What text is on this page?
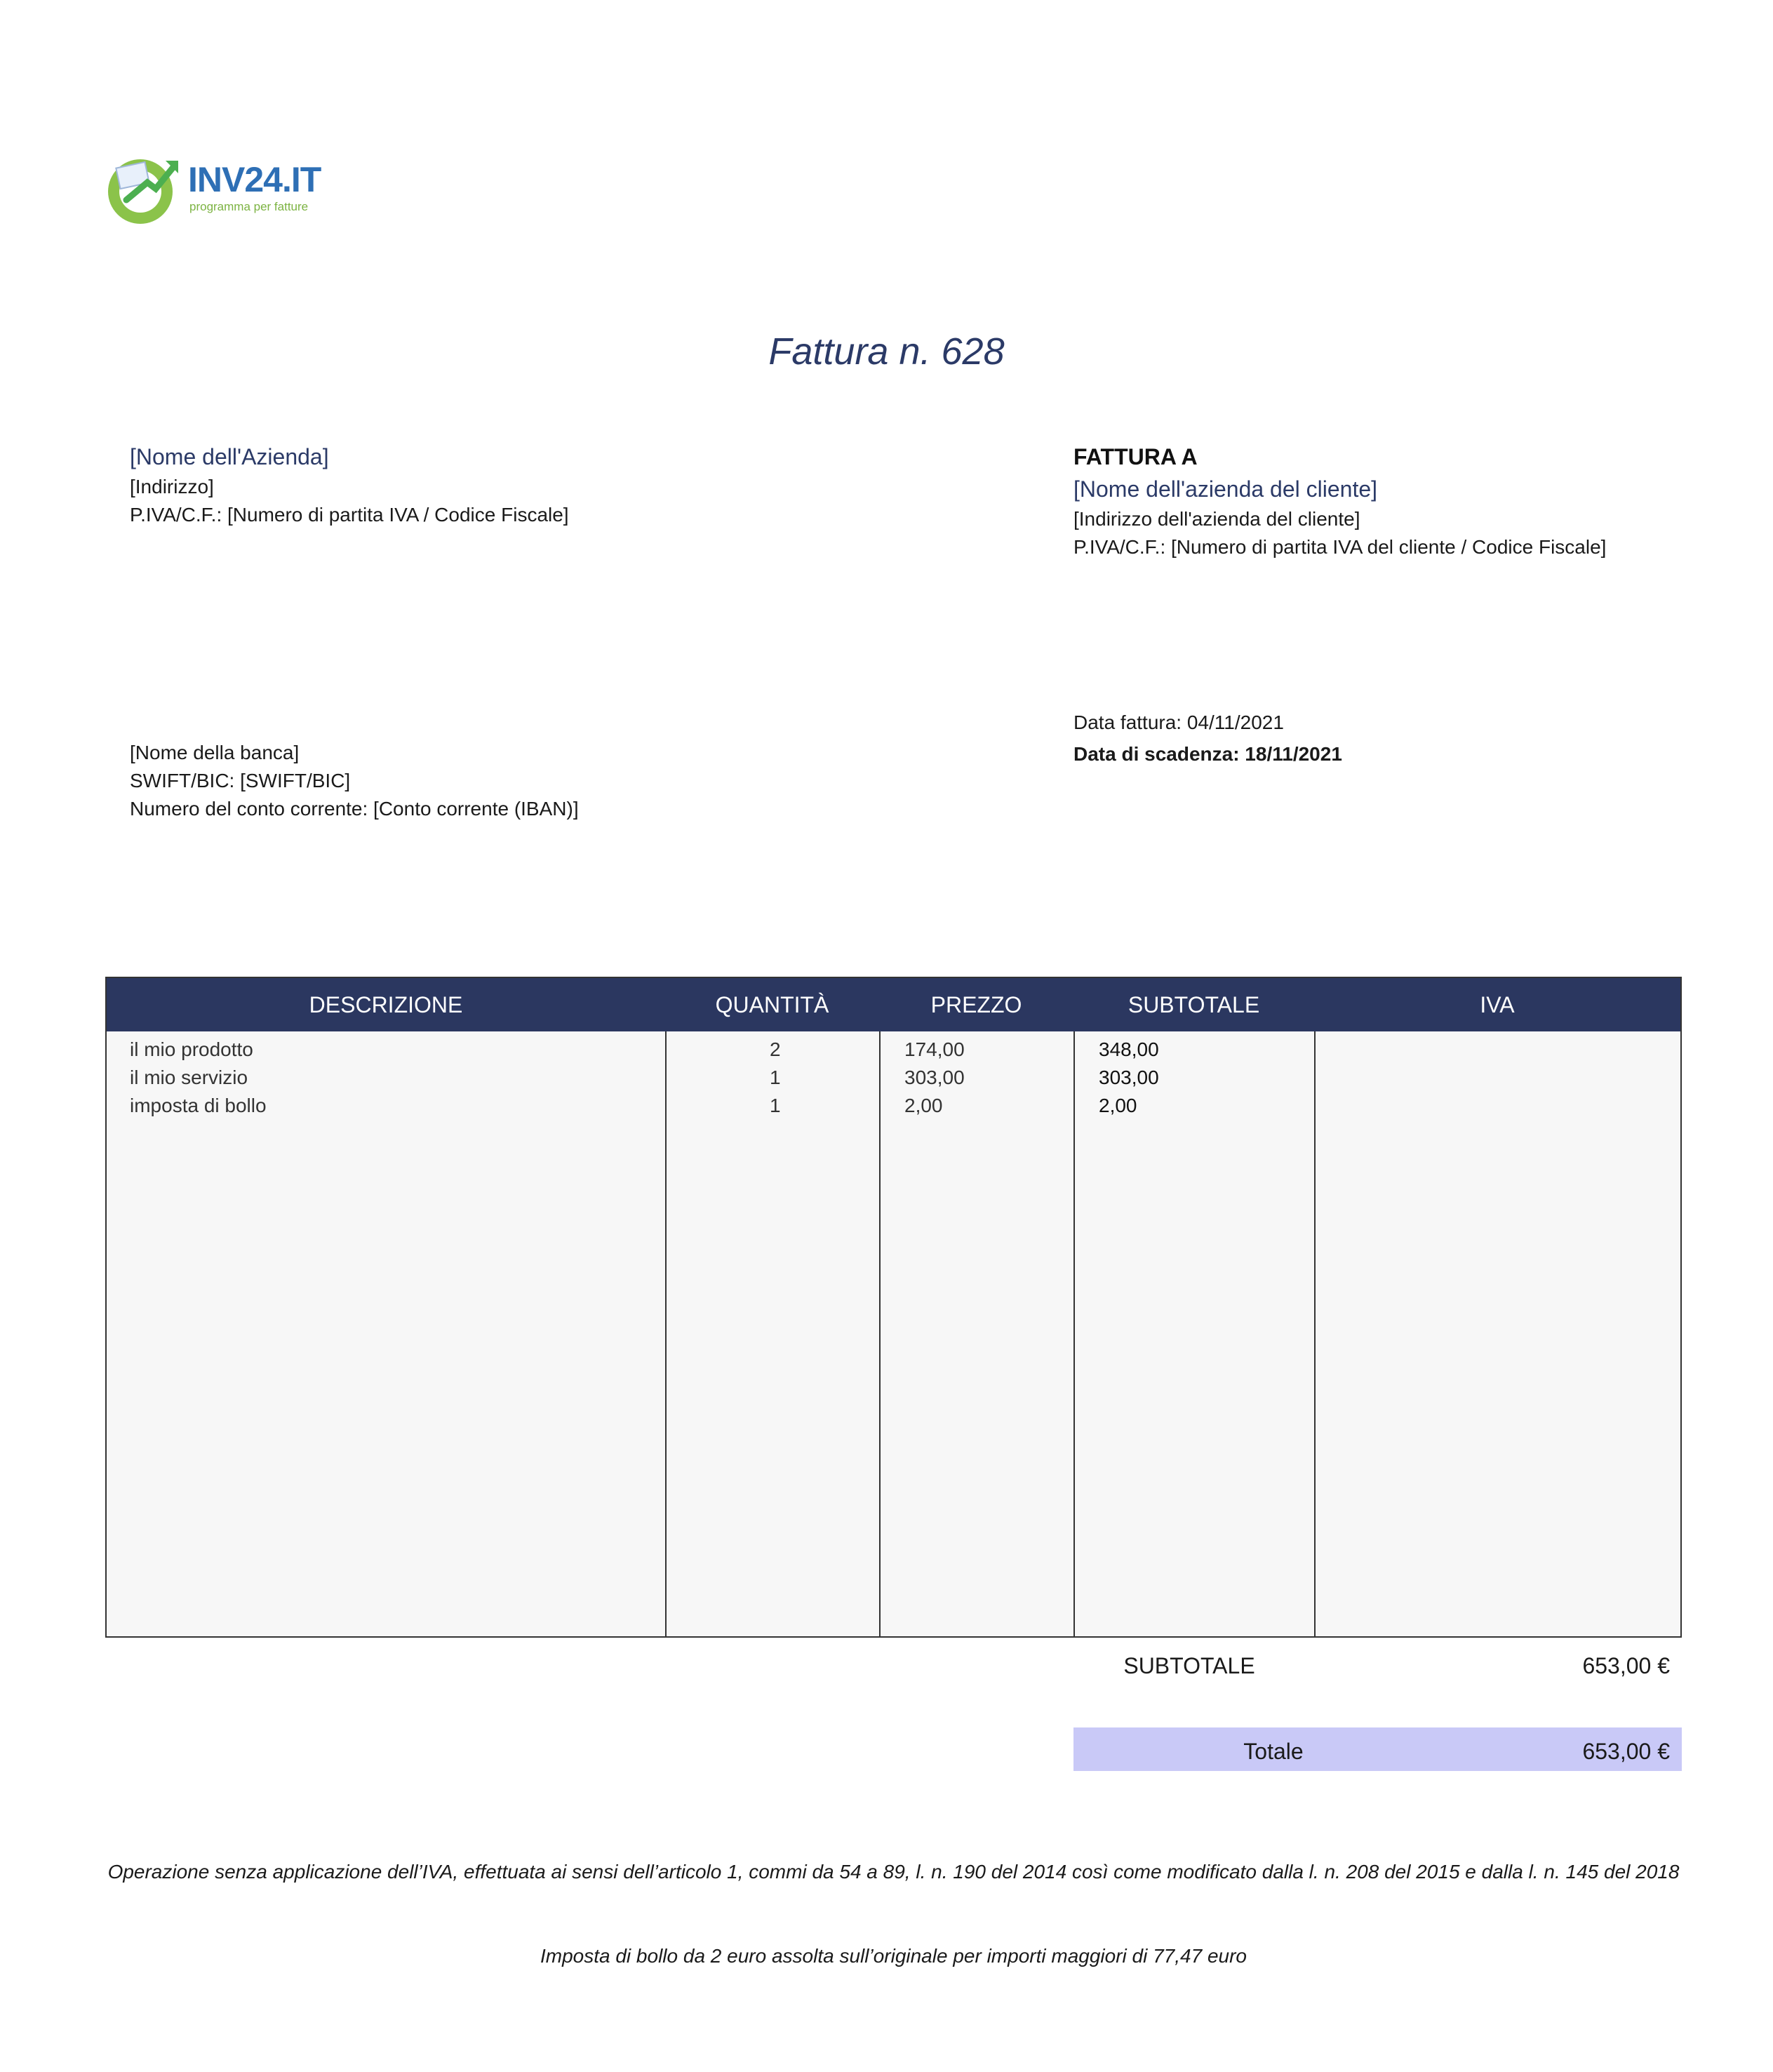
INV24.IT
programma per fatture
Fattura n. 628
[Nome dell'Azienda]
[Indirizzo]
P.IVA/C.F.: [Numero di partita IVA / Codice Fiscale]
FATTURA A
[Nome dell'azienda del cliente]
[Indirizzo dell'azienda del cliente]
P.IVA/C.F.: [Numero di partita IVA del cliente / Codice Fiscale]
Data fattura: 04/11/2021
Data di scadenza: 18/11/2021
[Nome della banca]
SWIFT/BIC: [SWIFT/BIC]
Numero del conto corrente: [Conto corrente (IBAN)]
DESCRIZIONE	QUANTITÀ	PREZZO	SUBTOTALE	IVA
il mio prodotto	2	174,00	348,00
il mio servizio	1	303,00	303,00
imposta di bollo	1	2,00	2,00
SUBTOTALE	653,00 €
Totale	653,00 €
Operazione senza applicazione dell’IVA, effettuata ai sensi dell’articolo 1, commi da 54 a 89, l. n. 190 del 2014 così come modificato dalla l. n. 208 del 2015 e dalla l. n. 145 del 2018
Imposta di bollo da 2 euro assolta sull’originale per importi maggiori di 77,47 euro
